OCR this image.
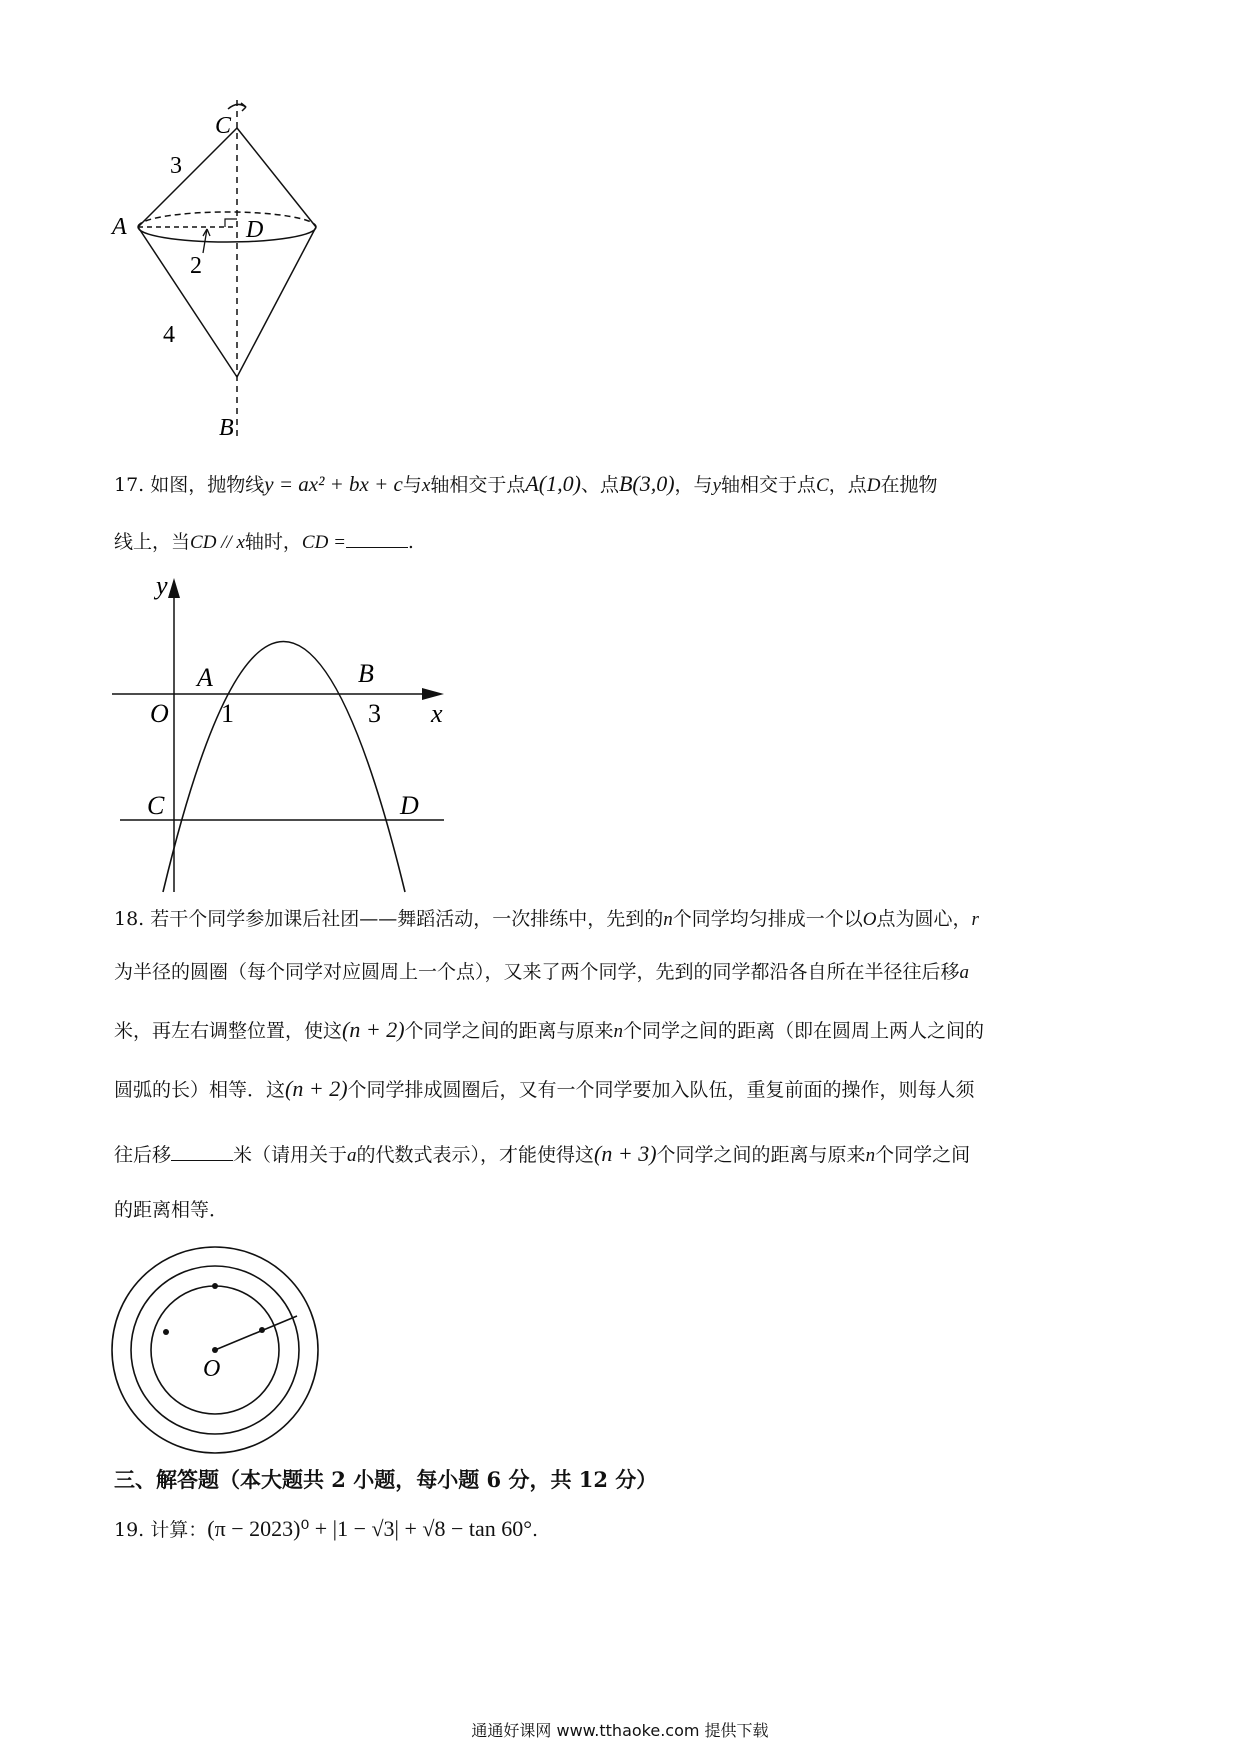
C
A	D
B
3
2
4
17. 如图，抛物线y = ax² + bx + c与x轴相交于点A(1,0)、点B(3,0)，与y轴相交于点C，点D在抛物
线上，当CD // x轴时，CD =	.
y
x
O
A	B
C	D
1	3
18. 若干个同学参加课后社团——舞蹈活动，一次排练中，先到的n个同学均匀排成一个以O点为圆心，r
为半径的圆圈（每个同学对应圆周上一个点），又来了两个同学，先到的同学都沿各自所在半径往后移a
米，再左右调整位置，使这(n + 2)个同学之间的距离与原来n个同学之间的距离（即在圆周上两人之间的
圆弧的长）相等．这(n + 2)个同学排成圆圈后，又有一个同学要加入队伍，重复前面的操作，则每人须
往后移	米（请用关于a的代数式表示），才能使得这(n + 3)个同学之间的距离与原来n个同学之间
的距离相等．
O
三、解答题（本大题共 2 小题，每小题 6 分，共 12 分）
19. 计算：(π − 2023)⁰ + |1 − √3| + √8 − tan 60°.
通通好课网 www.tthaoke.com 提供下载
